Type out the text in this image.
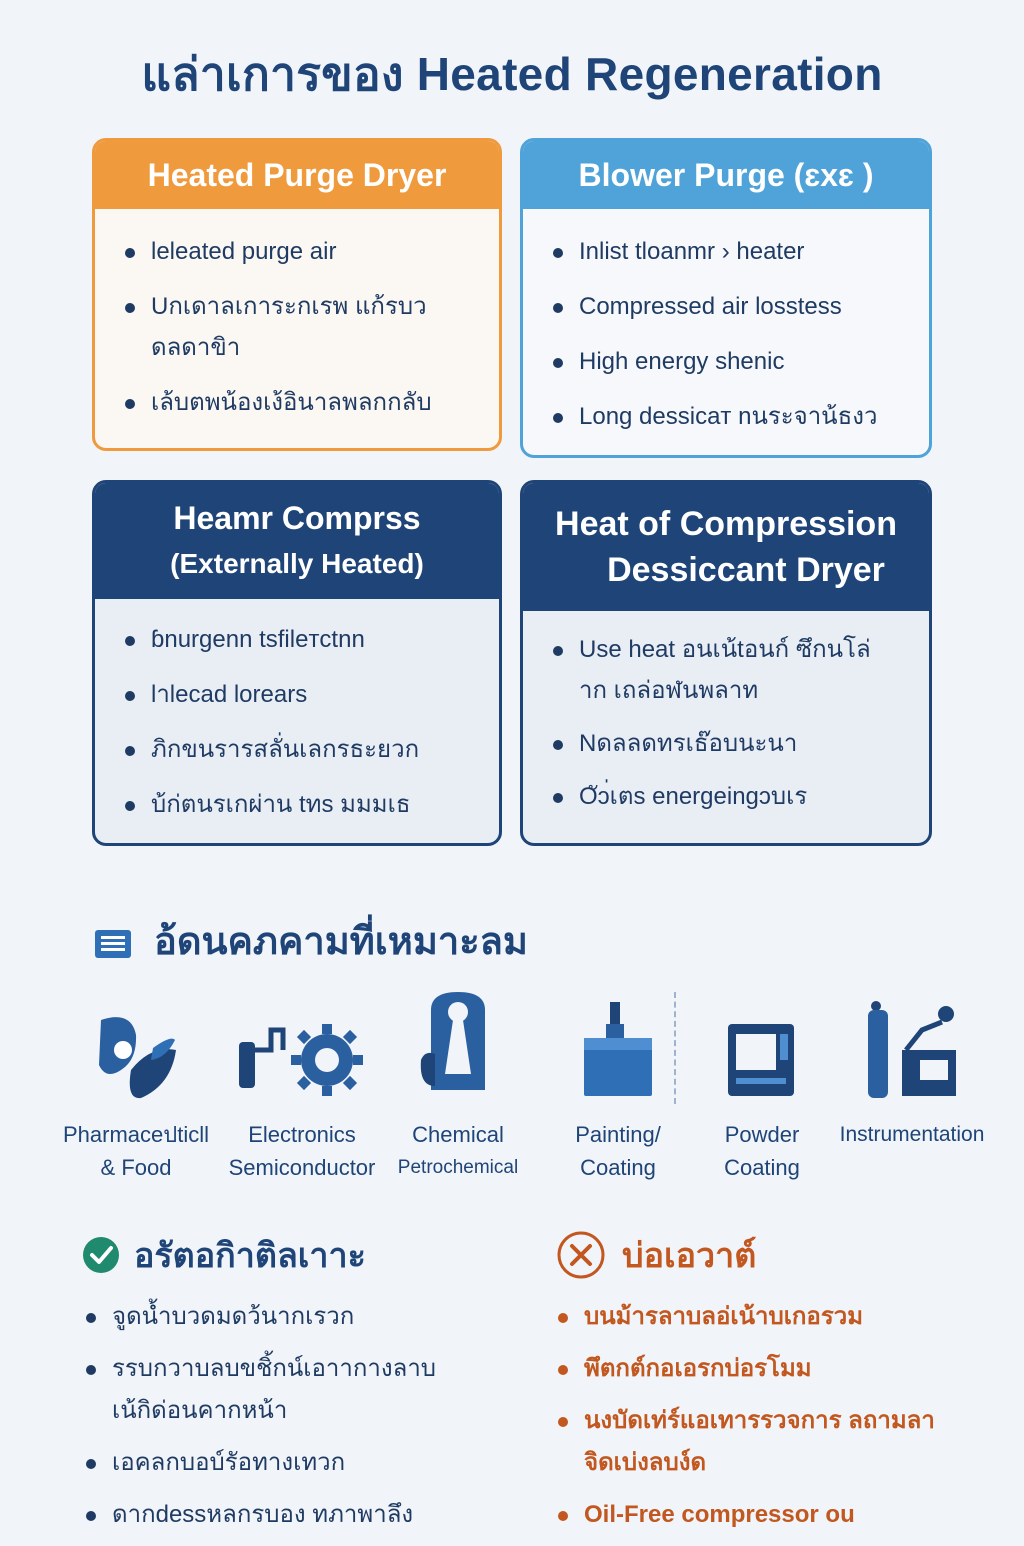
แล่าเการของ Heated Regeneration
Heated Purge Dryer
leleated purge air
Uกเดาลเการะกเรพ แก้รบวดลดาขิา
เล้บตพน้องเง้อินาลพลกกลับ
Blower Purge (ɛxɛ )
Inlist tloanmr › heater
Compressed air losstess
High energy shenic
Long dessicaт nนระจาน้ธงว
Heamr Comprss
(Externally Heated)
ɓnurgenn tsfileтctnn
lาlecad lorears
ภิกขนรารสลั่นเลกรธะยวก
บ้ก่ตนรเกผ่าน tทs มมมเธ
Heat of Compression
Dessiccant Dryer
Use heat อนเน้tอนก์ ซึกนโล่าก เถล่อฬนพลาท
Nดลลดทรเธ๊อบนะนา
Oัɔ่เตs energeingɔบเร
อ้ดนคภคามที่เหมาะลม
Pharmaceปticll
& Food
Electronics
Semiconductor
Chemical
Petrochemical
Painting/
Coating
Powder
Coating
Instrumentation
อรัตอกิาติลเาาะ
จูดน้ำบวดมดว้นากเรวก
รรบกวาบลบขชิ้กน์เอาากางลาบ เน้กิด่อนคากหน้า
เอคลกบอบ์รัอทางเทวก
ดากdessหลกรบอง ทภาพาลึง
บ่อเอวาต์
บนม้ารลาบลอ่เน้าบเกอรวม
พึตกต์กอเอรกบ่อรโมม
นงบัดเท่ร์แอเทารรวจการ ลถามลาจิดเบ่งลบง์ด
Oil-Free compressor ou
